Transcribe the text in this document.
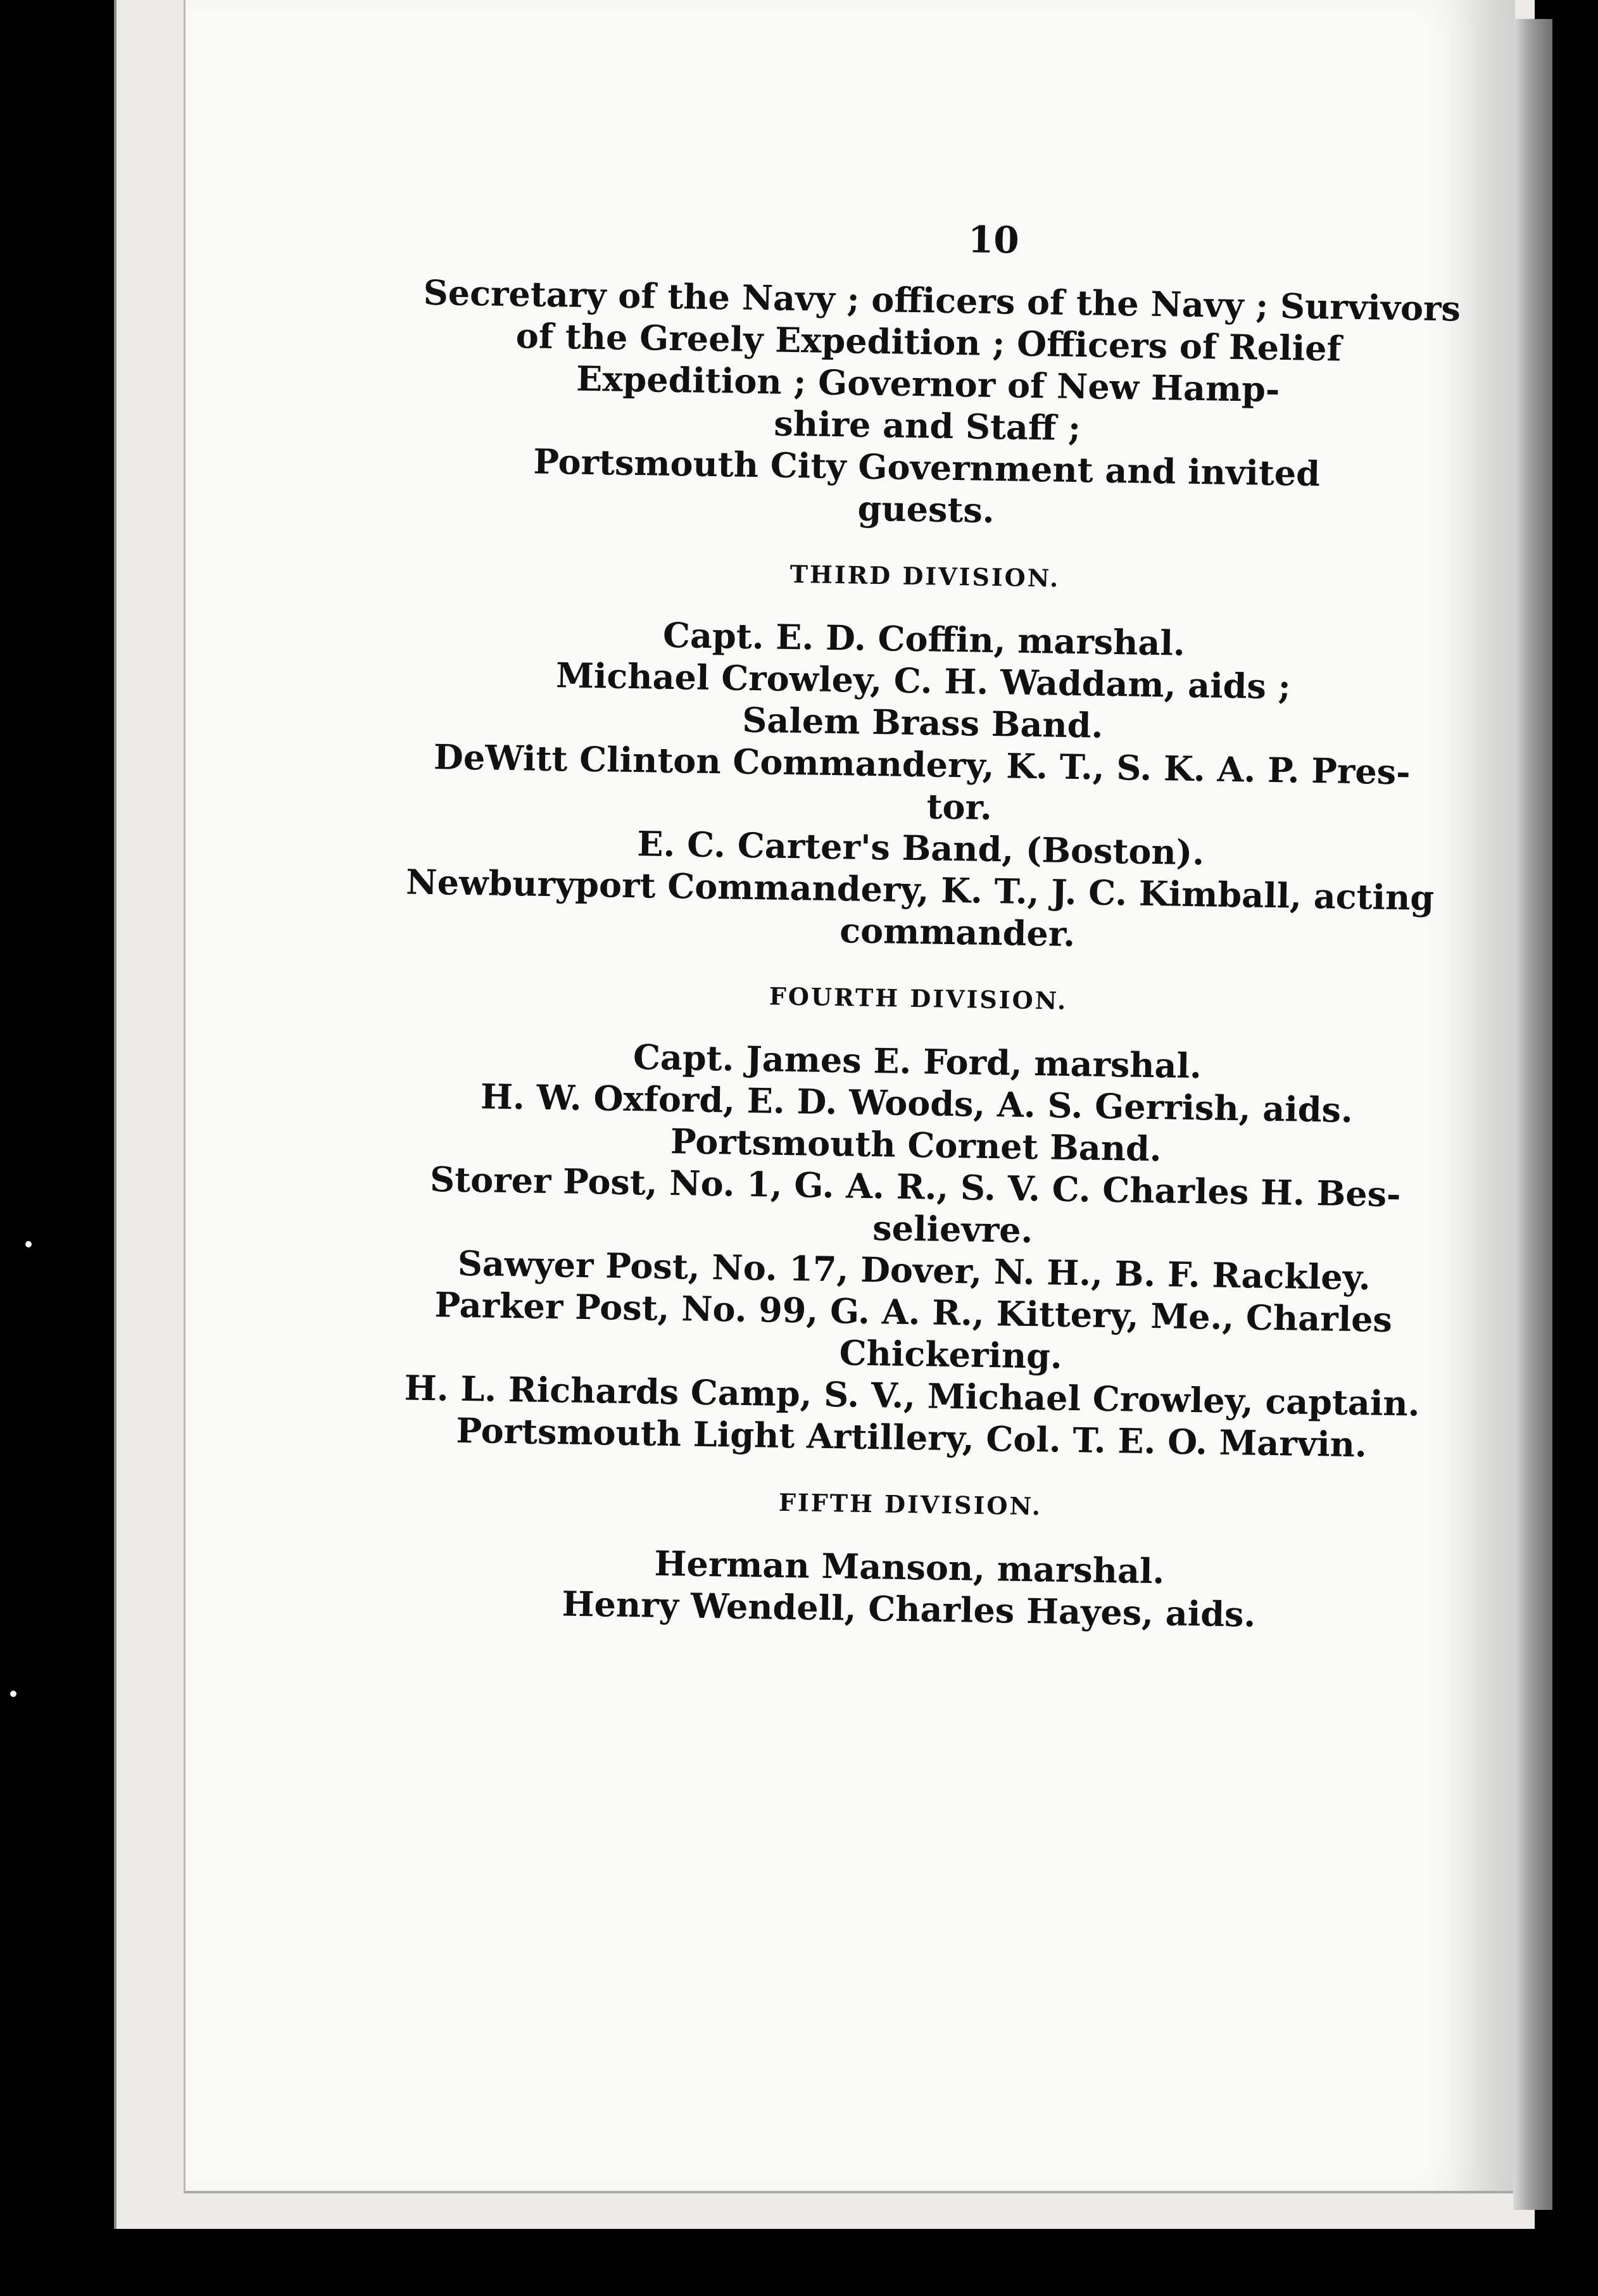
10
Secretary of the Navy ; officers of the Navy ; Survivors
of the Greely Expedition ; Officers of Relief
Expedition ; Governor of New Hamp-
shire and Staff ;
Portsmouth City Government and invited
guests.
THIRD DIVISION.
Capt. E. D. Coffin, marshal.
Michael Crowley, C. H. Waddam, aids ;
Salem Brass Band.
DeWitt Clinton Commandery, K. T., S. K. A. P. Pres-
tor.
E. C. Carter's Band, (Boston).
Newburyport Commandery, K. T., J. C. Kimball, acting
commander.
FOURTH DIVISION.
Capt. James E. Ford, marshal.
H. W. Oxford, E. D. Woods, A. S. Gerrish, aids.
Portsmouth Cornet Band.
Storer Post, No. 1, G. A. R., S. V. C. Charles H. Bes-
selievre.
Sawyer Post, No. 17, Dover, N. H., B. F. Rackley.
Parker Post, No. 99, G. A. R., Kittery, Me., Charles
Chickering.
H. L. Richards Camp, S. V., Michael Crowley, captain.
Portsmouth Light Artillery, Col. T. E. O. Marvin.
FIFTH DIVISION.
Herman Manson, marshal.
Henry Wendell, Charles Hayes, aids.
